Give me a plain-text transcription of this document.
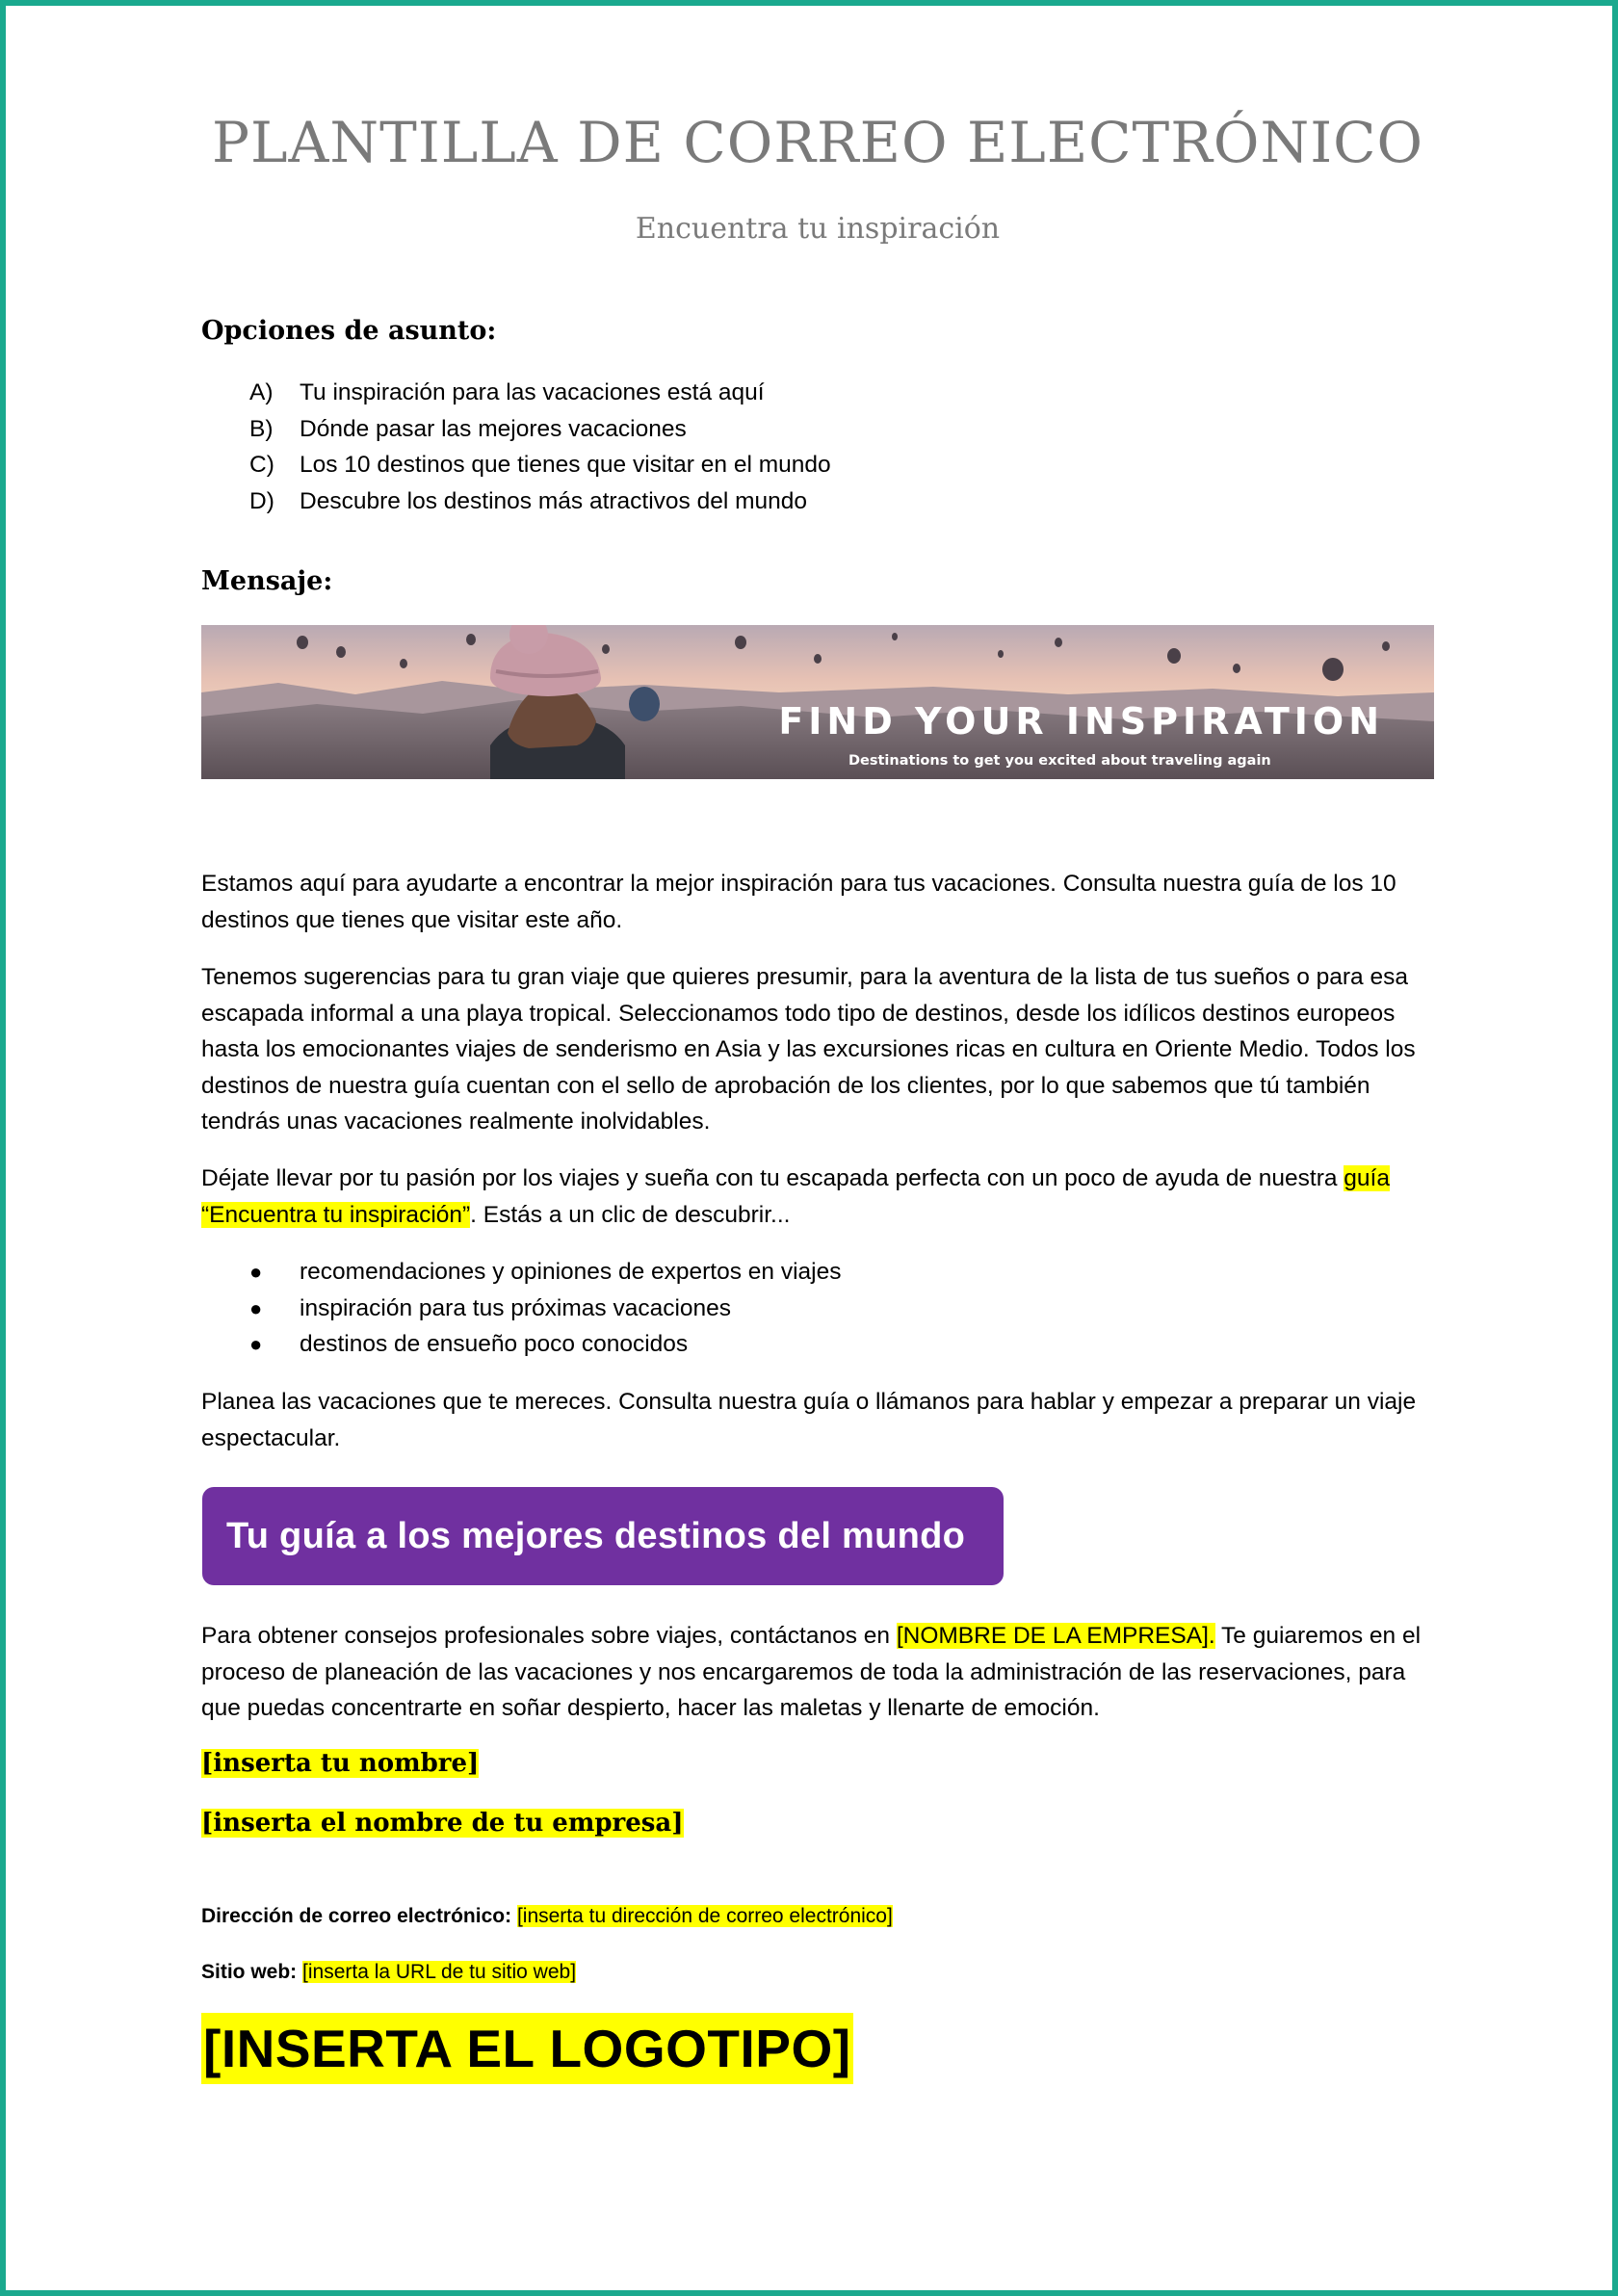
PLANTILLA DE CORREO ELECTRÓNICO

Encuentra tu inspiración

Opciones de asunto:
A)	Tu inspiración para las vacaciones está aquí
B)	Dónde pasar las mejores vacaciones
C)	Los 10 destinos que tienes que visitar en el mundo
D)	Descubre los destinos más atractivos del mundo
Mensaje:
FIND YOUR INSPIRATION
Destinations to get you excited about traveling again

Estamos aquí para ayudarte a encontrar la mejor inspiración para tus vacaciones. Consulta nuestra guía de los 10 destinos que tienes que visitar este año.

Tenemos sugerencias para tu gran viaje que quieres presumir, para la aventura de la lista de tus sueños o para esa escapada informal a una playa tropical. Seleccionamos todo tipo de destinos, desde los idílicos destinos europeos hasta los emocionantes viajes de senderismo en Asia y las excursiones ricas en cultura en Oriente Medio. Todos los destinos de nuestra guía cuentan con el sello de aprobación de los clientes, por lo que sabemos que tú también tendrás unas vacaciones realmente inolvidables.

Déjate llevar por tu pasión por los viajes y sueña con tu escapada perfecta con un poco de ayuda de nuestra guía “Encuentra tu inspiración”. Estás a un clic de descubrir...

●	recomendaciones y opiniones de expertos en viajes
●	inspiración para tus próximas vacaciones
●	destinos de ensueño poco conocidos

Planea las vacaciones que te mereces. Consulta nuestra guía o llámanos para hablar y empezar a preparar un viaje espectacular.

Tu guía a los mejores destinos del mundo

Para obtener consejos profesionales sobre viajes, contáctanos en [NOMBRE DE LA EMPRESA]. Te guiaremos en el proceso de planeación de las vacaciones y nos encargaremos de toda la administración de las reservaciones, para que puedas concentrarte en soñar despierto, hacer las maletas y llenarte de emoción.

[inserta tu nombre]
[inserta el nombre de tu empresa]
Dirección de correo electrónico: [inserta tu dirección de correo electrónico]
Sitio web: [inserta la URL de tu sitio web]
[INSERTA EL LOGOTIPO]
